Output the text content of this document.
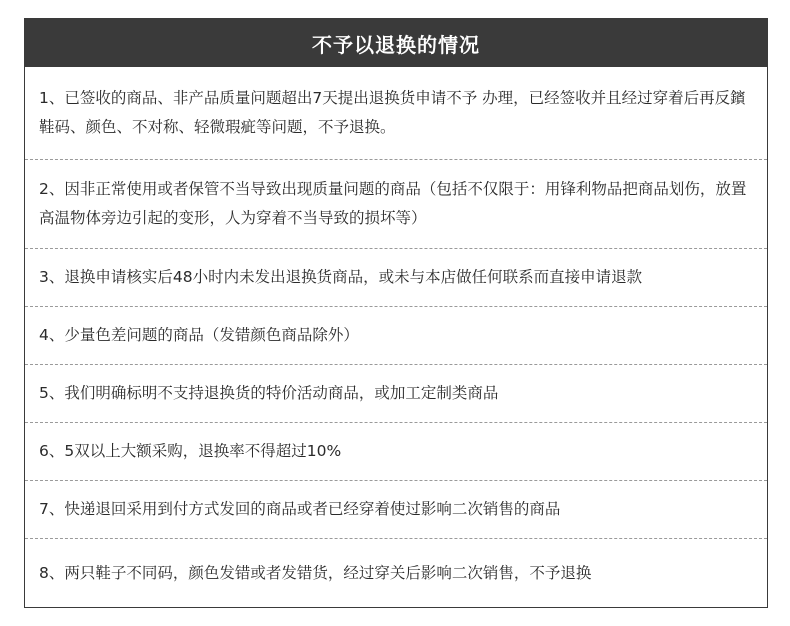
不予以退换的情况
1、已签收的商品、非产品质量问题超出7天提出退换货申请不予 办理，已经签收并且经过穿着后再反鑌鞋码、颜色、不对称、轻微瑕疵等问题，不予退换。
2、因非正常使用或者保管不当导致出现质量问题的商品（包括不仅限于：用锋利物品把商品划伤，放置高温物体旁边引起的变形，人为穿着不当导致的损坏等）
3、退换申请核实后48小时内未发出退换货商品，或未与本店做任何联系而直接申请退款
4、少量色差问题的商品（发错颜色商品除外）
5、我们明确标明不支持退换货的特价活动商品，或加工定制类商品
6、5双以上大额采购，退换率不得超过10%
7、快递退回采用到付方式发回的商品或者已经穿着使过影响二次销售的商品
8、两只鞋子不同码，颜色发错或者发错货，经过穿关后影响二次销售，不予退换
